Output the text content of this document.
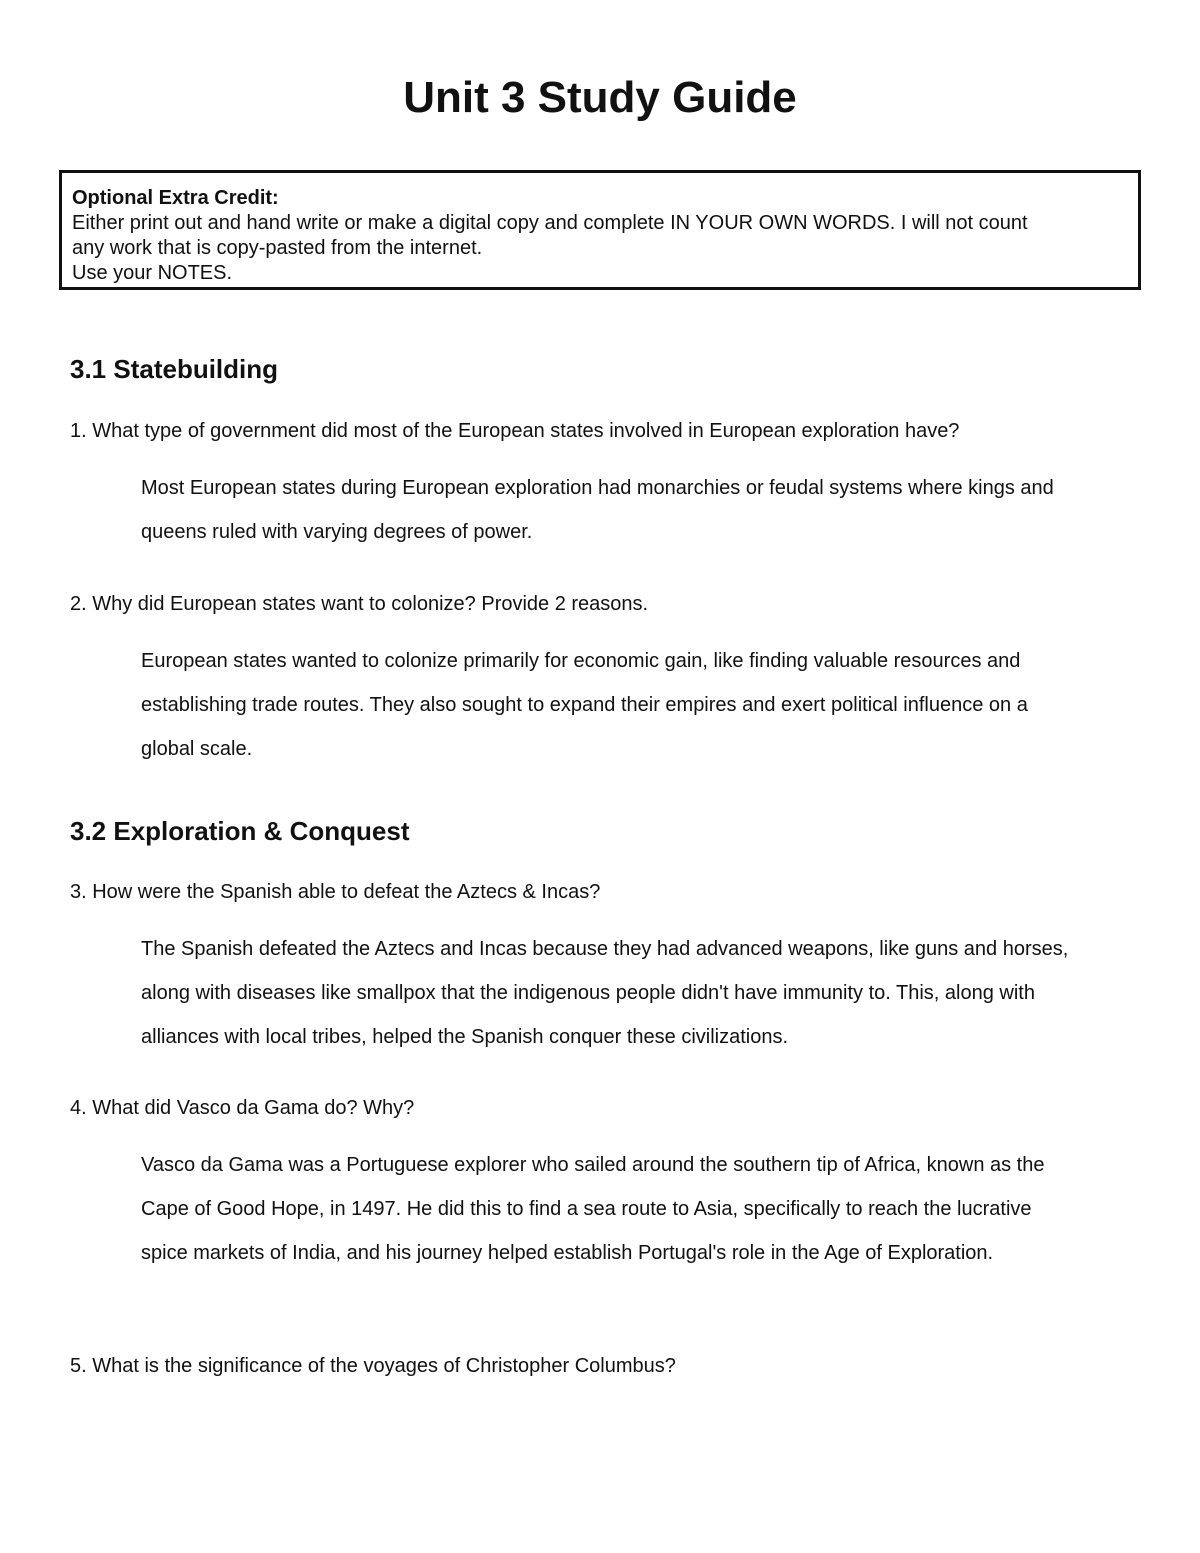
Unit 3 Study Guide
Optional Extra Credit:
Either print out and hand write or make a digital copy and complete IN YOUR OWN WORDS. I will not count
any work that is copy-pasted from the internet.
Use your NOTES.
3.1 Statebuilding

1. What type of government did most of the European states involved in European exploration have?

Most European states during European exploration had monarchies or feudal systems where kings and queens ruled with varying degrees of power.

2. Why did European states want to colonize? Provide 2 reasons.

European states wanted to colonize primarily for economic gain, like finding valuable resources and establishing trade routes. They also sought to expand their empires and exert political influence on a global scale.

3.2 Exploration & Conquest

3. How were the Spanish able to defeat the Aztecs & Incas?

The Spanish defeated the Aztecs and Incas because they had advanced weapons, like guns and horses, along with diseases like smallpox that the indigenous people didn't have immunity to. This, along with alliances with local tribes, helped the Spanish conquer these civilizations.

4. What did Vasco da Gama do? Why?

Vasco da Gama was a Portuguese explorer who sailed around the southern tip of Africa, known as the Cape of Good Hope, in 1497. He did this to find a sea route to Asia, specifically to reach the lucrative spice markets of India, and his journey helped establish Portugal's role in the Age of Exploration.

5. What is the significance of the voyages of Christopher Columbus?
